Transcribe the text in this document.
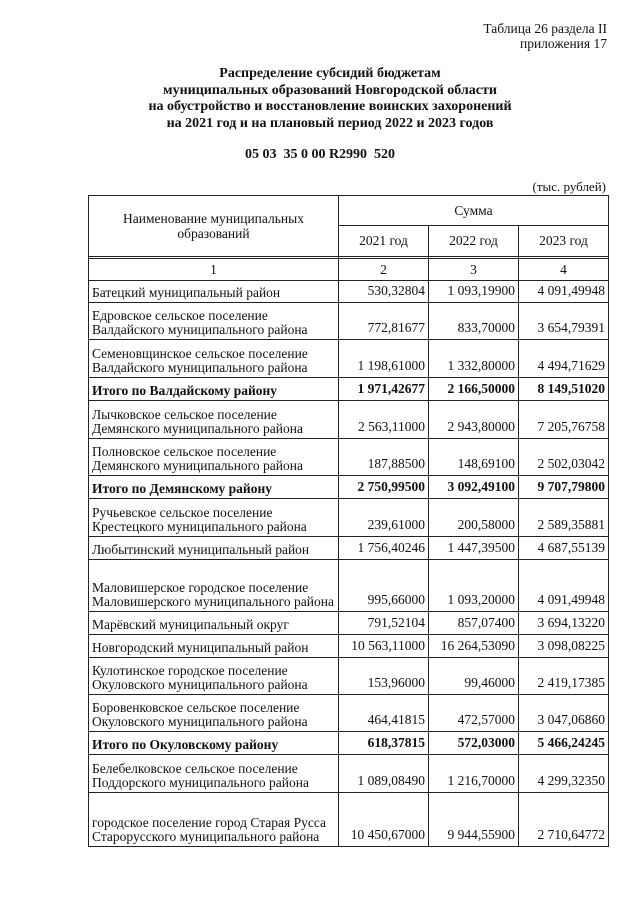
Таблица 26 раздела II
приложения 17
Распределение субсидий бюджетам
муниципальных образований Новгородской области
на обустройство и восстановление воинских захоронений
на 2021 год и на плановый период 2022 и 2023 годов
05 03  35 0 00 R2990  520
(тыс. рублей)
Наименование муниципальных образований	Сумма		
	2021 год	2022 год	2023 год

1	2	3	4
Батецкий муниципальный район	530,32804	1 093,19900	4 091,49948
Едровское сельское поселение Валдайского муниципального района	772,81677	833,70000	3 654,79391
Семеновщинское сельское поселение Валдайского муниципального района	1 198,61000	1 332,80000	4 494,71629
Итого по Валдайскому району	1 971,42677	2 166,50000	8 149,51020
Лычковское сельское поселение Демянского муниципального района	2 563,11000	2 943,80000	7 205,76758
Полновское сельское поселение Демянского муниципального района	187,88500	148,69100	2 502,03042
Итого по Демянскому району	2 750,99500	3 092,49100	9 707,79800
Ручьевское сельское поселение Крестецкого муниципального района	239,61000	200,58000	2 589,35881
Любытинский муниципальный район	1 756,40246	1 447,39500	4 687,55139
Маловишерское городское поселение Маловишерского муниципального района	995,66000	1 093,20000	4 091,49948
Марёвский муниципальный округ	791,52104	857,07400	3 694,13220
Новгородский муниципальный район	10 563,11000	16 264,53090	3 098,08225
Кулотинское городское поселение Окуловского муниципального района	153,96000	99,46000	2 419,17385
Боровенковское сельское поселение Окуловского муниципального района	464,41815	472,57000	3 047,06860
Итого по Окуловскому району	618,37815	572,03000	5 466,24245
Белебелковское сельское поселение Поддорского муниципального района	1 089,08490	1 216,70000	4 299,32350
городское поселение город Старая Русса Старорусского муниципального района	10 450,67000	9 944,55900	2 710,64772
